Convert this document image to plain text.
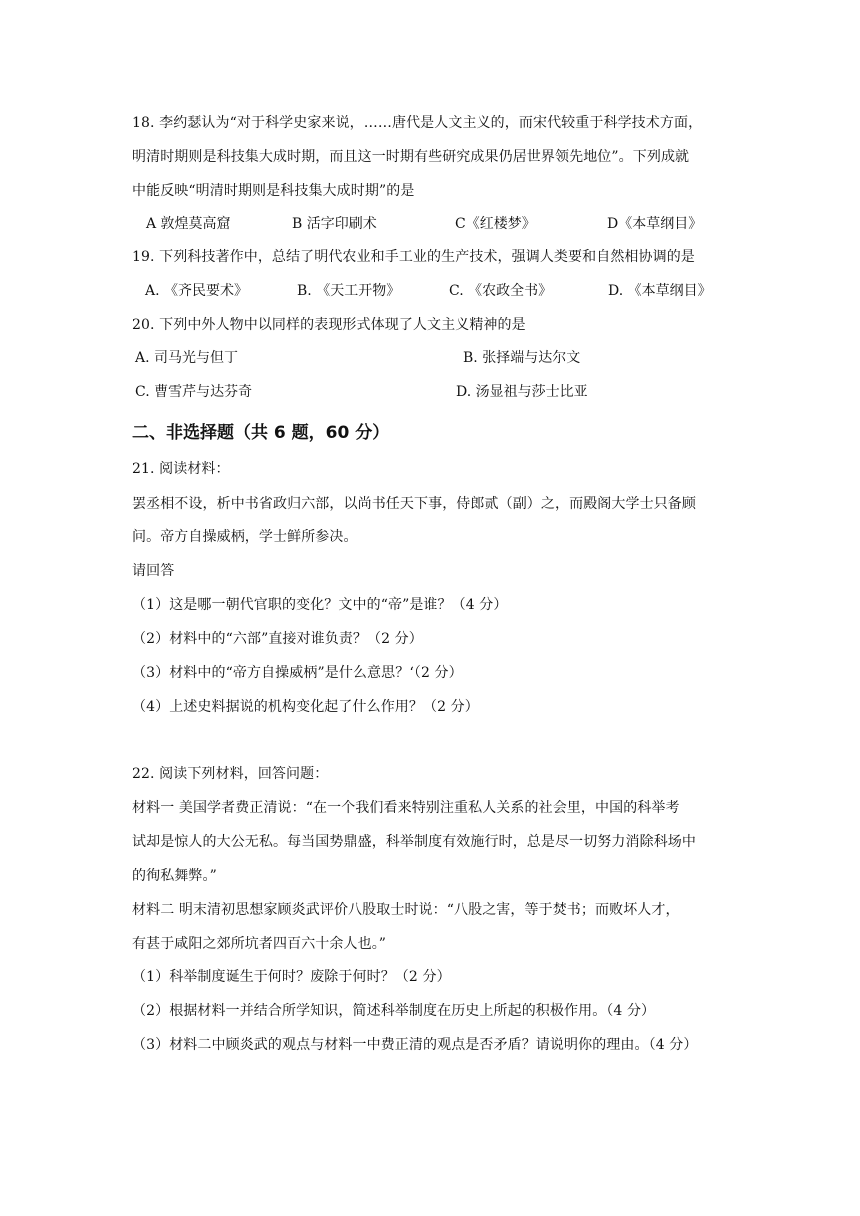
18. 李约瑟认为“对于科学史家来说，……唐代是人文主义的，而宋代较重于科学技术方面，
明清时期则是科技集大成时期，而且这一时期有些研究成果仍居世界领先地位”。下列成就
中能反映“明清时期则是科技集大成时期”的是
A 敦煌莫高窟	B 活字印刷术	C《红楼梦》	D《本草纲目》
19. 下列科技著作中，总结了明代农业和手工业的生产技术，强调人类要和自然相协调的是
A. 《齐民要术》	B. 《天工开物》	C. 《农政全书》	D. 《本草纲目》
20. 下列中外人物中以同样的表现形式体现了人文主义精神的是
A. 司马光与但丁	B. 张择端与达尔文
C. 曹雪芹与达芬奇	D. 汤显祖与莎士比亚
二、非选择题（共 6 题，60 分）
21. 阅读材料：
罢丞相不设，析中书省政归六部，以尚书任天下事，侍郎贰（副）之，而殿阁大学士只备顾
问。帝方自操威柄，学士鲜所参决。
请回答
（1）这是哪一朝代官职的变化？文中的“帝”是谁？（4 分）
（2）材料中的“六部”直接对谁负责？（2 分）
（3）材料中的“帝方自操威柄”是什么意思？‘（2 分）
（4）上述史料据说的机构变化起了什么作用？（2 分）
22. 阅读下列材料，回答问题：
材料一 美国学者费正清说：“在一个我们看来特别注重私人关系的社会里，中国的科举考
试却是惊人的大公无私。每当国势鼎盛，科举制度有效施行时，总是尽一切努力消除科场中
的徇私舞弊。”
材料二 明末清初思想家顾炎武评价八股取士时说：“八股之害，等于焚书；而败坏人才，
有甚于咸阳之郊所坑者四百六十余人也。”
（1）科举制度诞生于何时？废除于何时？（2 分）
（2）根据材料一并结合所学知识，简述科举制度在历史上所起的积极作用。（4 分）
（3）材料二中顾炎武的观点与材料一中费正清的观点是否矛盾？请说明你的理由。（4 分）
